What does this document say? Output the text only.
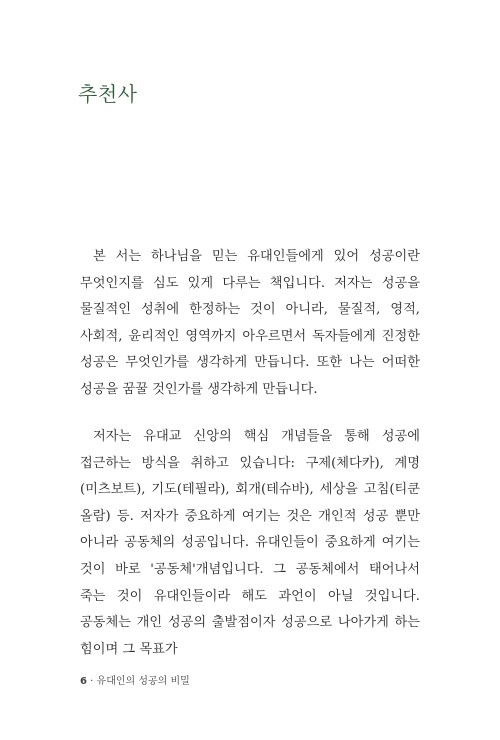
추천사

본 서는 하나님을 믿는 유대인들에게 있어 성공이란 무엇인지를 심도 있게 다루는 책입니다. 저자는 성공을 물질적인 성취에 한정하는 것이 아니라, 물질적, 영적, 사회적, 윤리적인 영역까지 아우르면서 독자들에게 진정한 성공은 무엇인가를 생각하게 만듭니다. 또한 나는 어떠한 성공을 꿈꿀 것인가를 생각하게 만듭니다.

저자는 유대교 신앙의 핵심 개념들을 통해 성공에 접근하는 방식을 취하고 있습니다: 구제(체다카), 계명(미츠보트), 기도(테필라), 회개(테슈바), 세상을 고침(티쿤 올람) 등. 저자가 중요하게 여기는 것은 개인적 성공 뿐만 아니라 공동체의 성공입니다. 유대인들이 중요하게 여기는 것이 바로 '공동체'개념입니다. 그 공동체에서 태어나서 죽는 것이 유대인들이라 해도 과언이 아닐 것입니다. 공동체는 개인 성공의 출발점이자 성공으로 나아가게 하는 힘이며 그 목표가

6 · 유대인의 성공의 비밀
